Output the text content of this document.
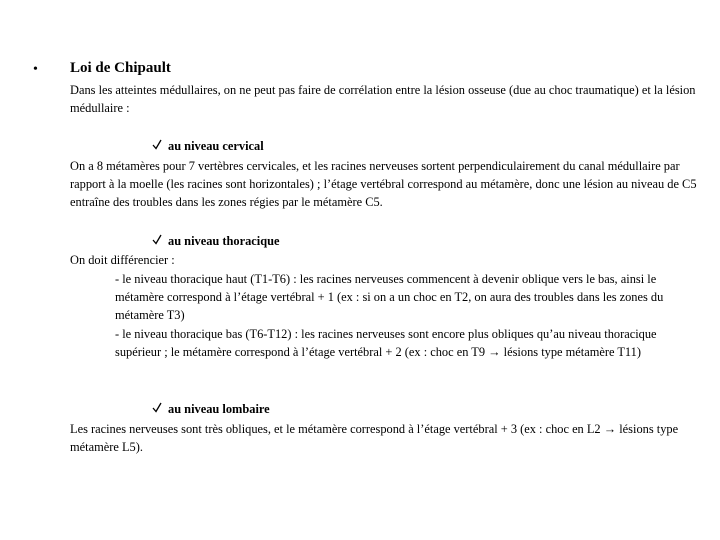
• Loi de Chipault

Dans les atteintes médullaires, on ne peut pas faire de corrélation entre la lésion osseuse (due au choc traumatique) et la lésion médullaire :

au niveau cervical

On a 8 métamères pour 7 vertèbres cervicales, et les racines nerveuses sortent perpendiculairement du canal médullaire par rapport à la moelle (les racines sont horizontales) ; l’étage vertébral correspond au métamère, donc une lésion au niveau de C5 entraîne des troubles dans les zones régies par le métamère C5.

au niveau thoracique

On doit différencier :

- le niveau thoracique haut (T1-T6) : les racines nerveuses commencent à devenir oblique vers le bas, ainsi le métamère correspond à l’étage vertébral + 1 (ex : si on a un choc en T2, on aura des troubles dans les zones du métamère T3)

- le niveau thoracique bas (T6-T12) : les racines nerveuses sont encore plus obliques qu’au niveau thoracique supérieur ; le métamère correspond à l’étage vertébral + 2 (ex : choc en T9 → lésions type métamère T11)

au niveau lombaire

Les racines nerveuses sont très obliques, et le métamère correspond à l’étage vertébral + 3 (ex : choc en L2 → lésions type métamère L5).
